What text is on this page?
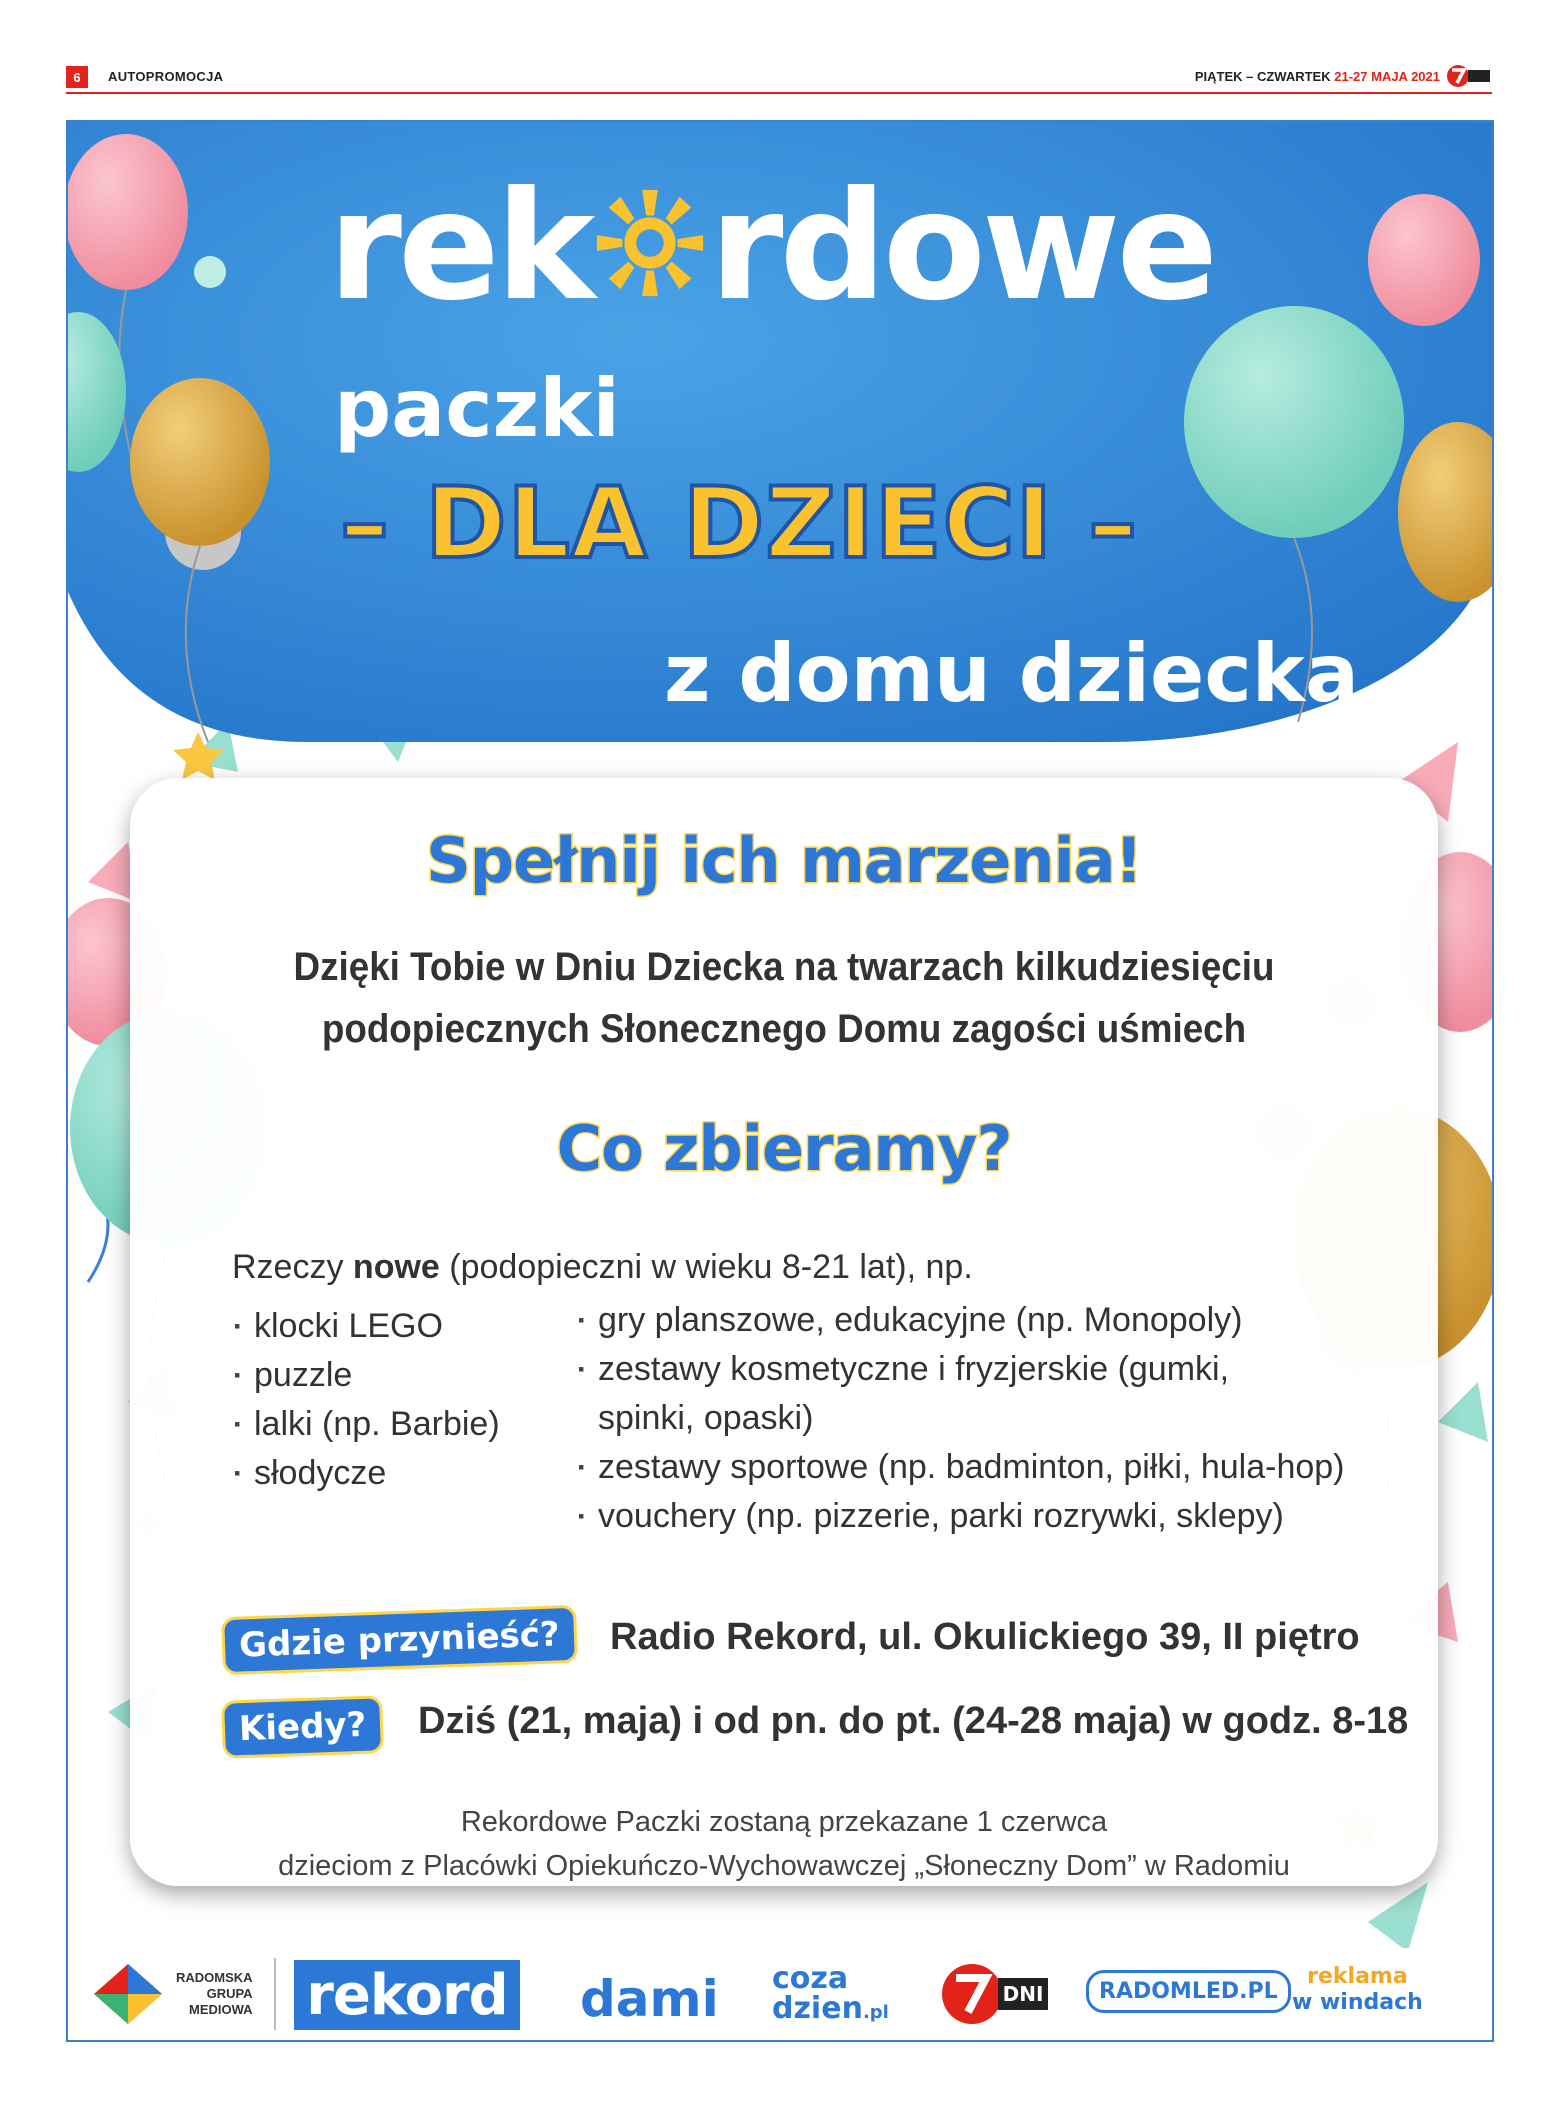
6	AUTOPROMOCJA	PIĄTEK – CZWARTEK 21-27 MAJA 2021
rek rdowe
paczki
– DLA DZIECI –
z domu dziecka
Spełnij ich marzenia!
Dzięki Tobie w Dniu Dziecka na twarzach kilkudziesięciu
podopiecznych Słonecznego Domu zagości uśmiech
Co zbieramy?
Rzeczy nowe (podopieczni w wieku 8-21 lat), np.
▪ klocki LEGO
▪ puzzle
▪ lalki (np. Barbie)
▪ słodycze
▪ gry planszowe, edukacyjne (np. Monopoly)
▪ zestawy kosmetyczne i fryzjerskie (gumki,
spinki, opaski)
▪ zestawy sportowe (np. badminton, piłki, hula-hop)
▪ vouchery (np. pizzerie, parki rozrywki, sklepy)
Gdzie przynieść?	Radio Rekord, ul. Okulickiego 39, II piętro
Kiedy?	Dziś (21, maja) i od pn. do pt. (24-28 maja) w godz. 8-18
Rekordowe Paczki zostaną przekazane 1 czerwca
dzieciom z Placówki Opiekuńczo-Wychowawczej „Słoneczny Dom” w Radomiu
RADOMSKA
GRUPA
MEDIOWA rekord dami coza
dzien.pl
DNI	RADOMLED.PL
reklama
w windach
